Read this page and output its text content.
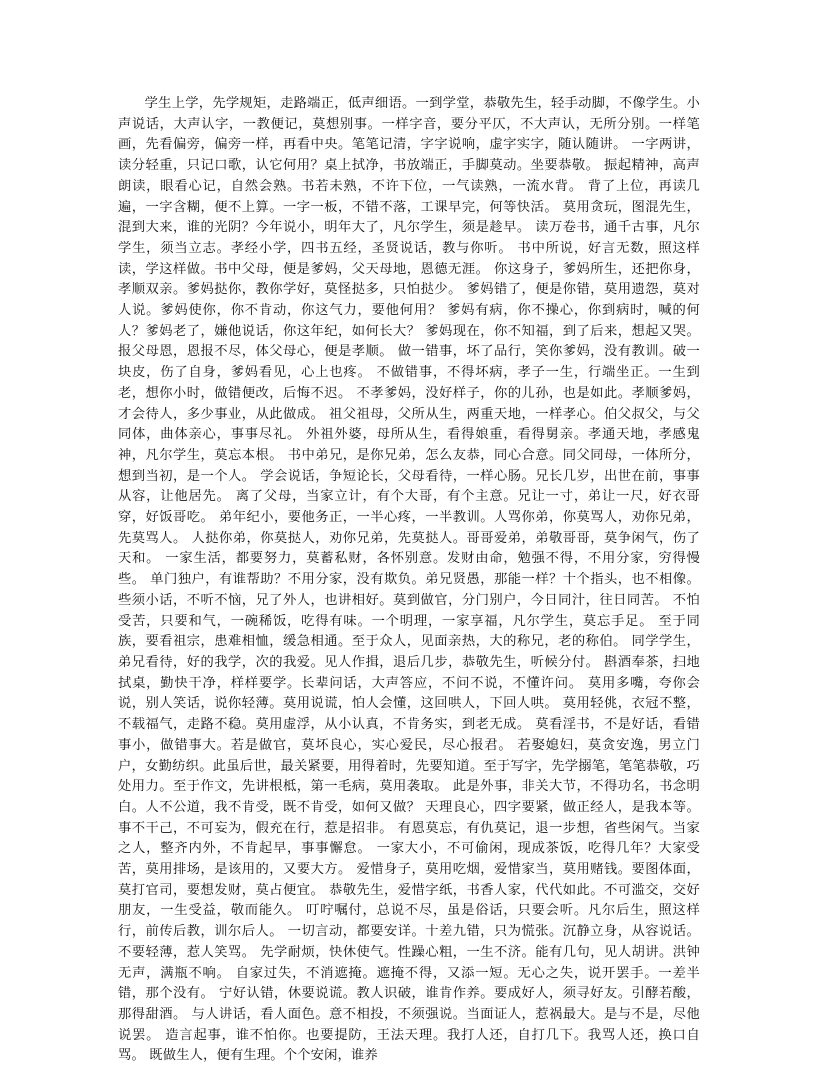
学生上学，先学规矩，走路端正，低声细语。一到学堂，恭敬先生，轻手动脚，不像学生。小声说话，大声认字，一教便记，莫想别事。一样字音，要分平仄，不大声认，无所分别。一样笔画，先看偏旁，偏旁一样，再看中央。笔笔记清，字字说响，虚字实字，随认随讲。 一字两讲，读分轻重，只记口歌，认它何用？桌上拭净，书放端正，手脚莫动。坐要恭敬。 振起精神，高声朗读，眼看心记，自然会熟。书若未熟，不许下位，一气读熟，一流水背。 背了上位，再读几遍，一字含糊，便不上算。一字一板，不错不落，工课早完，何等快活。 莫用贪玩，图混先生，混到大来，谁的光阴？今年说小，明年大了，凡尔学生，须是趁早。 读万卷书，通千古事，凡尔学生，须当立志。孝经小学，四书五经，圣贤说话，教与你听。 书中所说，好言无数，照这样读，学这样做。书中父母，便是爹妈，父天母地，恩德无涯。 你这身子，爹妈所生，还把你身，孝顺双亲。爹妈挞你，教你学好，莫怪挞多，只怕挞少。 爹妈错了，便是你错，莫用遗怨，莫对人说。爹妈使你，你不肯动，你这气力，要他何用？ 爹妈有病，你不操心，你到病时，喊的何人？爹妈老了，嫌他说话，你这年纪，如何长大？ 爹妈现在，你不知福，到了后来，想起又哭。报父母恩，恩报不尽，体父母心，便是孝顺。 做一错事，坏了品行，笑你爹妈，没有教训。破一块皮，伤了自身，爹妈看见，心上也疼。 不做错事，不得坏病，孝子一生，行端坐正。一生到老，想你小时，做错便改，后悔不迟。 不孝爹妈，没好样子，你的儿孙，也是如此。孝顺爹妈，才会待人，多少事业，从此做成。 祖父祖母，父所从生，两重天地，一样孝心。伯父叔父，与父同体，曲体亲心，事事尽礼。 外祖外婆，母所从生，看得娘重，看得舅亲。孝通天地，孝感鬼神，凡尔学生，莫忘本根。 书中弟兄，是你兄弟，怎么友恭，同心合意。同父同母，一体所分，想到当初，是一个人。 学会说话，争短论长，父母看待，一样心肠。兄长几岁，出世在前，事事从容，让他居先。 离了父母，当家立计，有个大哥，有个主意。兄让一寸，弟让一尺，好衣哥穿，好饭哥吃。 弟年纪小，要他务正，一半心疼，一半教训。人骂你弟，你莫骂人，劝你兄弟，先莫骂人。 人挞你弟，你莫挞人，劝你兄弟，先莫挞人。哥哥爱弟，弟敬哥哥，莫争闲气，伤了天和。 一家生活，都要努力，莫蓄私财，各怀别意。发财由命，勉强不得，不用分家，穷得慢些。 单门独户，有谁帮助？不用分家，没有欺负。弟兄贤愚，那能一样？十个指头，也不相像。 些须小话，不听不恼，兄了外人，也讲相好。莫到做官，分门别户，今日同汁，往日同苦。 不怕受苦，只要和气，一碗稀饭，吃得有味。一个明理，一家享福，凡尔学生，莫忘手足。 至于同族，要看祖宗，患难相恤，缓急相通。至于众人，见面亲热，大的称兄，老的称伯。 同学学生，弟兄看待，好的我学，次的我爱。见人作揖，退后几步，恭敬先生，听候分付。 斟酒奉茶，扫地拭桌，勤快干净，样样要学。长辈问话，大声答应，不问不说，不懂许问。 莫用多嘴，夸你会说，别人笑话，说你轻薄。莫用说谎，怕人会懂，这回哄人，下回人哄。 莫用轻佻，衣冠不整，不载福气，走路不稳。莫用虚浮，从小认真，不肯务实，到老无成。 莫看淫书，不是好话，看错事小，做错事大。若是做官，莫坏良心，实心爱民，尽心报君。 若娶媳妇，莫贪安逸，男立门户，女勤纺织。此虽后世，最关紧要，用得着时，先要知道。至于写字，先学搦笔，笔笔恭敬，巧处用力。至于作文，先讲根柢，第一毛病，莫用袭取。 此是外事，非关大节，不得功名，书念明白。人不公道，我不肯受，既不肯受，如何又做？ 天理良心，四字要紧，做正经人，是我本等。事不干己，不可妄为，假充在行，惹是招非。 有恩莫忘，有仇莫记，退一步想，省些闲气。当家之人，整齐内外，不肯起早，事事懈怠。 一家大小，不可偷闲，现成茶饭，吃得几年？大家受苦，莫用排场，是该用的，又要大方。 爱惜身子，莫用吃烟，爱惜家当，莫用赌钱。要图体面，莫打官司，要想发财，莫占便宜。 恭敬先生，爱惜字纸，书香人家，代代如此。不可滥交，交好朋友，一生受益，敬而能久。 叮咛嘱付，总说不尽，虽是俗话，只要会听。凡尔后生，照这样行，前传后教，训尔后人。 一切言动，都要安详。十差九错，只为慌张。沉静立身，从容说话。不要轻薄，惹人笑骂。 先学耐烦，快休使气。性躁心粗，一生不济。能有几句，见人胡讲。洪钟无声，满瓶不响。 自家过失，不消遮掩。遮掩不得，又添一短。无心之失，说开罢手。一差半错，那个没有。 宁好认错，休要说谎。教人识破，谁肯作养。要成好人，须寻好友。引酵若酸，那得甜酒。 与人讲话，看人面色。意不相投，不须强说。当面证人，惹祸最大。是与不是，尽他说罢。 造言起事，谁不怕你。也要提防，王法天理。我打人还，自打几下。我骂人还，换口自骂。 既做生人，便有生理。个个安闲，谁养
